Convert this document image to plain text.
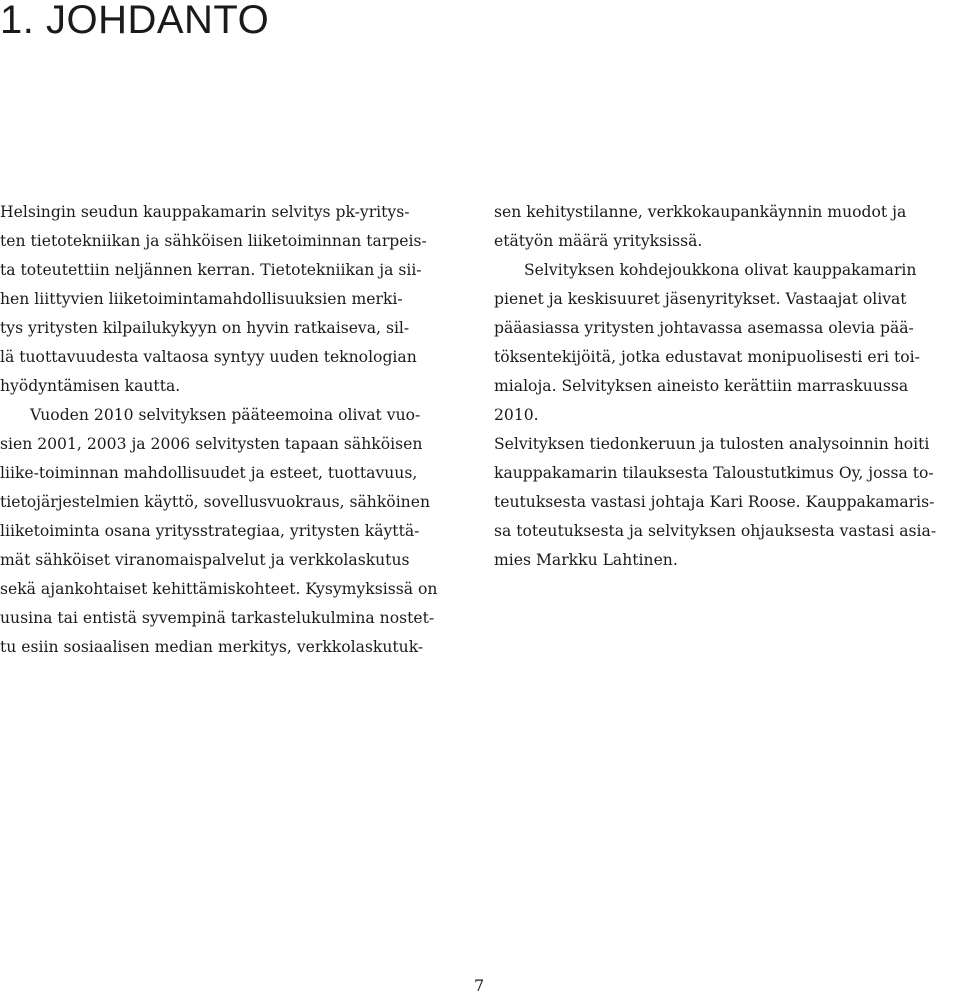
1. JOHDANTO
Helsingin seudun kauppakamarin selvitys pk-yritys-
ten tietotekniikan ja sähköisen liiketoiminnan tarpeis-
ta toteutettiin neljännen kerran. Tietotekniikan ja sii-
hen liittyvien liiketoimintamahdollisuuksien merki-
tys yritysten kilpailukykyyn on hyvin ratkaiseva, sil-
lä tuottavuudesta valtaosa syntyy uuden teknologian
hyödyntämisen kautta.
Vuoden 2010 selvityksen pääteemoina olivat vuo-
sien 2001, 2003 ja 2006 selvitysten tapaan sähköisen
liike-toiminnan mahdollisuudet ja esteet, tuottavuus,
tietojärjestelmien käyttö, sovellusvuokraus, sähköinen
liiketoiminta osana yritysstrategiaa, yritysten käyttä-
mät sähköiset viranomaispalvelut ja verkkolaskutus
sekä ajankohtaiset kehittämiskohteet. Kysymyksissä on
uusina tai entistä syvempinä tarkastelukulmina nostet-
tu esiin sosiaalisen median merkitys, verkkolaskutuk-
sen kehitystilanne, verkkokaupankäynnin muodot ja
etätyön määrä yrityksissä.
Selvityksen kohdejoukkona olivat kauppakamarin
pienet ja keskisuuret jäsenyritykset. Vastaajat olivat
pääasiassa yritysten johtavassa asemassa olevia pää-
töksentekijöitä, jotka edustavat monipuolisesti eri toi-
mialoja. Selvityksen aineisto kerättiin marraskuussa
2010.
Selvityksen tiedonkeruun ja tulosten analysoinnin hoiti
kauppakamarin tilauksesta Taloustutkimus Oy, jossa to-
teutuksesta vastasi johtaja Kari Roose. Kauppakamaris-
sa toteutuksesta ja selvityksen ohjauksesta vastasi asia-
mies Markku Lahtinen.
7
